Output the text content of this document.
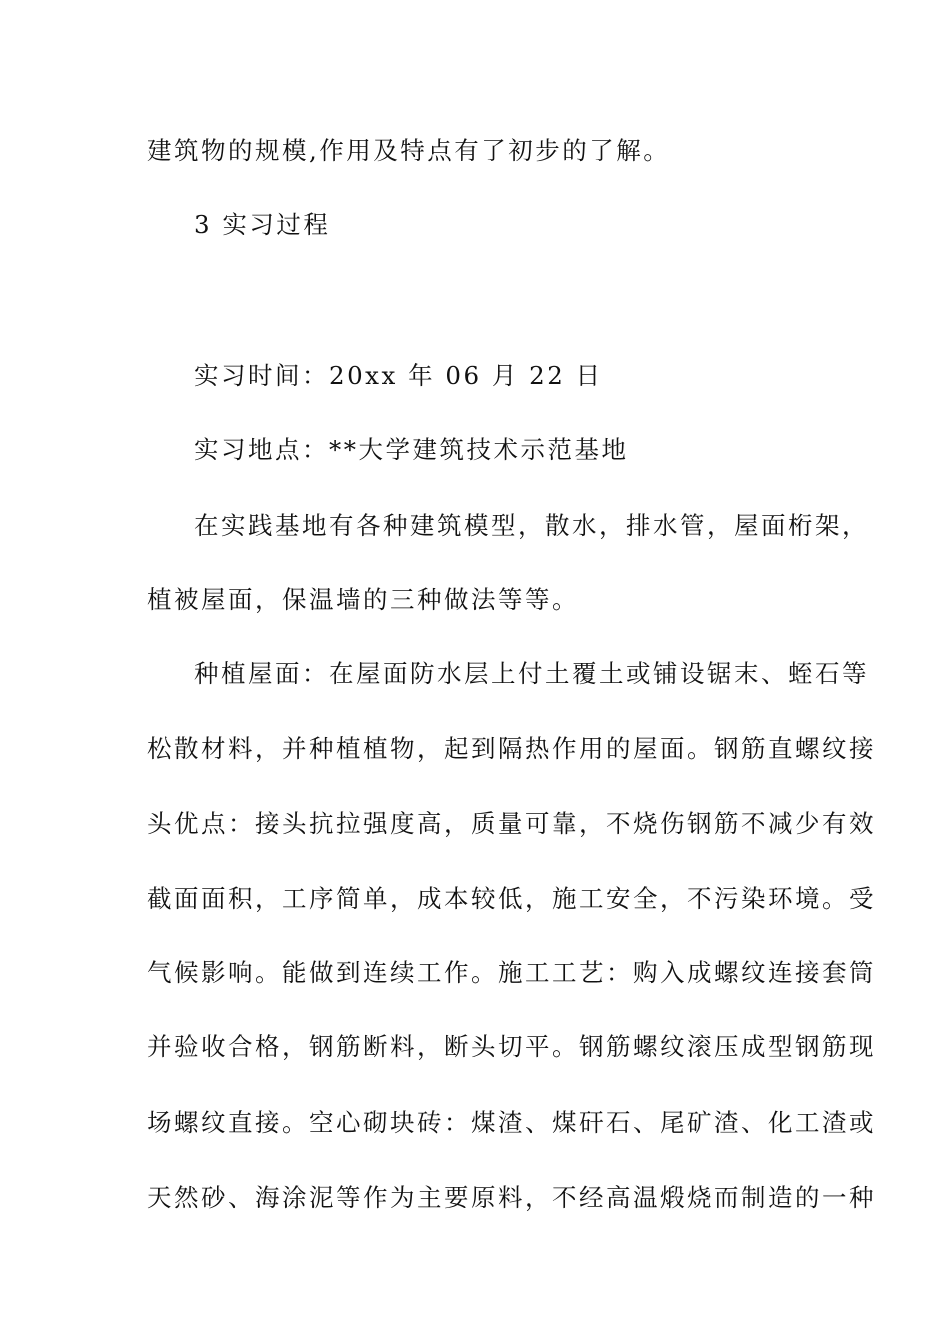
建筑物的规模,作用及特点有了初步的了解。
3 实习过程
实习时间：20xx 年 06 月 22 日
实习地点：**大学建筑技术示范基地
在实践基地有各种建筑模型，散水，排水管，屋面桁架，
植被屋面，保温墙的三种做法等等。
种植屋面：在屋面防水层上付土覆土或铺设锯末、蛭石等
松散材料，并种植植物，起到隔热作用的屋面。钢筋直螺纹接
头优点：接头抗拉强度高，质量可靠，不烧伤钢筋不减少有效
截面面积，工序简单，成本较低，施工安全，不污染环境。受
气候影响。能做到连续工作。施工工艺：购入成螺纹连接套筒
并验收合格，钢筋断料，断头切平。钢筋螺纹滚压成型钢筋现
场螺纹直接。空心砌块砖：煤渣、煤矸石、尾矿渣、化工渣或
天然砂、海涂泥等作为主要原料，不经高温煅烧而制造的一种
